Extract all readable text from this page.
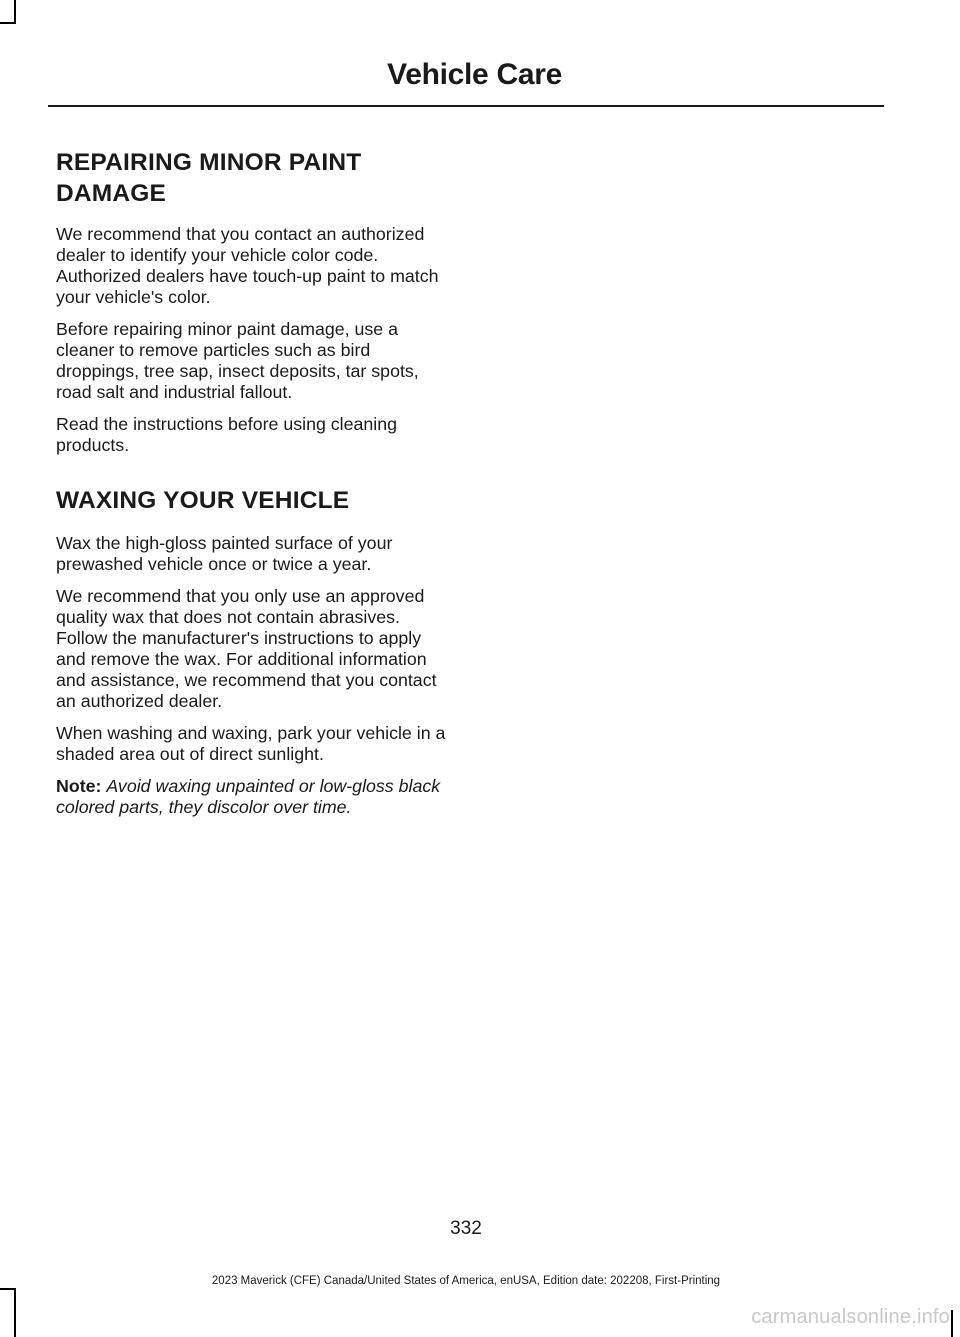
Vehicle Care
REPAIRING MINOR PAINT
DAMAGE

We recommend that you contact an authorized dealer to identify your vehicle color code. Authorized dealers have touch-up paint to match your vehicle's color.

Before repairing minor paint damage, use a cleaner to remove particles such as bird droppings, tree sap, insect deposits, tar spots, road salt and industrial fallout.

Read the instructions before using cleaning products.

WAXING YOUR VEHICLE

Wax the high-gloss painted surface of your prewashed vehicle once or twice a year.

We recommend that you only use an approved quality wax that does not contain abrasives. Follow the manufacturer's instructions to apply and remove the wax. For additional information and assistance, we recommend that you contact an authorized dealer.

When washing and waxing, park your vehicle in a shaded area out of direct sunlight.

Note: Avoid waxing unpainted or low-gloss black colored parts, they discolor over time.

332
2023 Maverick (CFE) Canada/United States of America, enUSA, Edition date: 202208, First-Printing
carmanualsonline.info
